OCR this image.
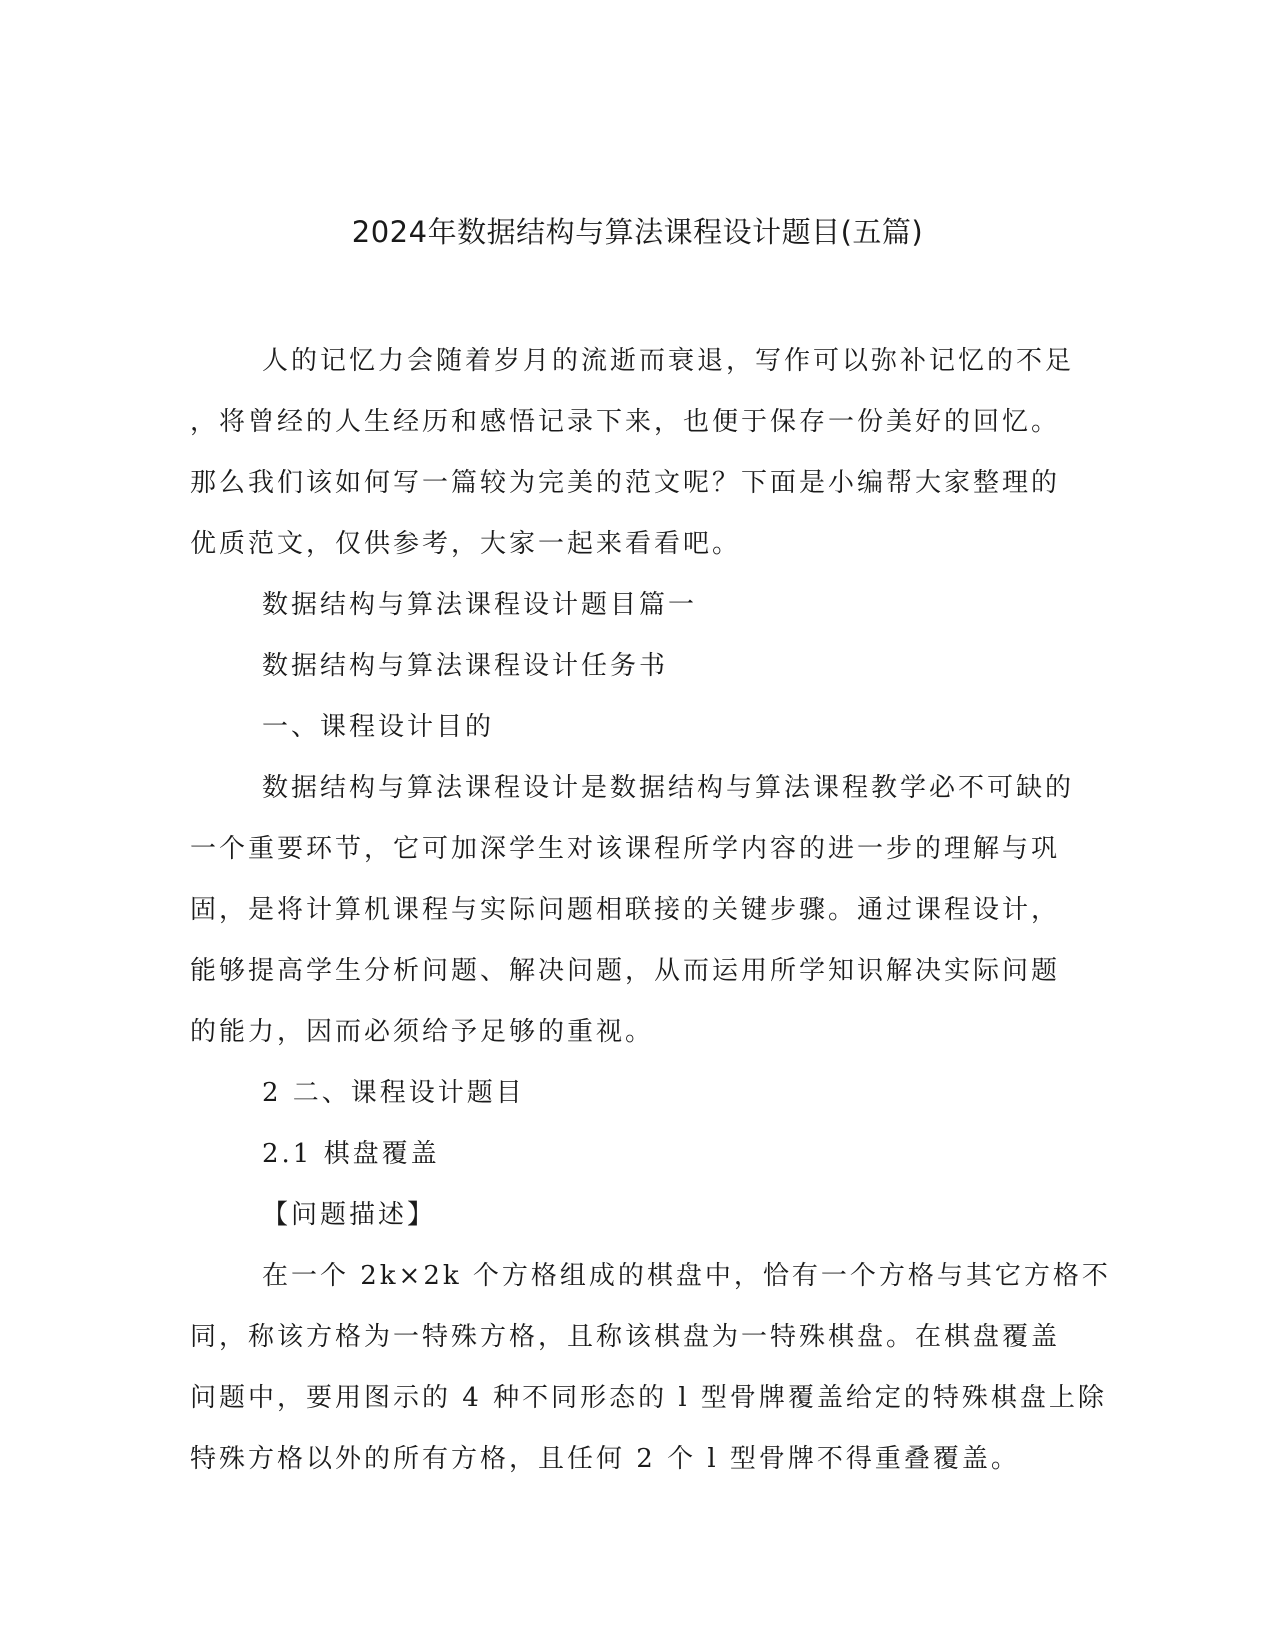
2024年数据结构与算法课程设计题目(五篇)

人的记忆力会随着岁月的流逝而衰退，写作可以弥补记忆的不足

，将曾经的人生经历和感悟记录下来，也便于保存一份美好的回忆。

那么我们该如何写一篇较为完美的范文呢？下面是小编帮大家整理的

优质范文，仅供参考，大家一起来看看吧。

数据结构与算法课程设计题目篇一

数据结构与算法课程设计任务书

一、课程设计目的

数据结构与算法课程设计是数据结构与算法课程教学必不可缺的

一个重要环节，它可加深学生对该课程所学内容的进一步的理解与巩

固，是将计算机课程与实际问题相联接的关键步骤。通过课程设计，

能够提高学生分析问题、解决问题，从而运用所学知识解决实际问题

的能力，因而必须给予足够的重视。

2 二、课程设计题目

2.1 棋盘覆盖

【问题描述】

在一个 2k×2k 个方格组成的棋盘中，恰有一个方格与其它方格不

同，称该方格为一特殊方格，且称该棋盘为一特殊棋盘。在棋盘覆盖

问题中，要用图示的 4 种不同形态的 l 型骨牌覆盖给定的特殊棋盘上除

特殊方格以外的所有方格，且任何 2 个 l 型骨牌不得重叠覆盖。
